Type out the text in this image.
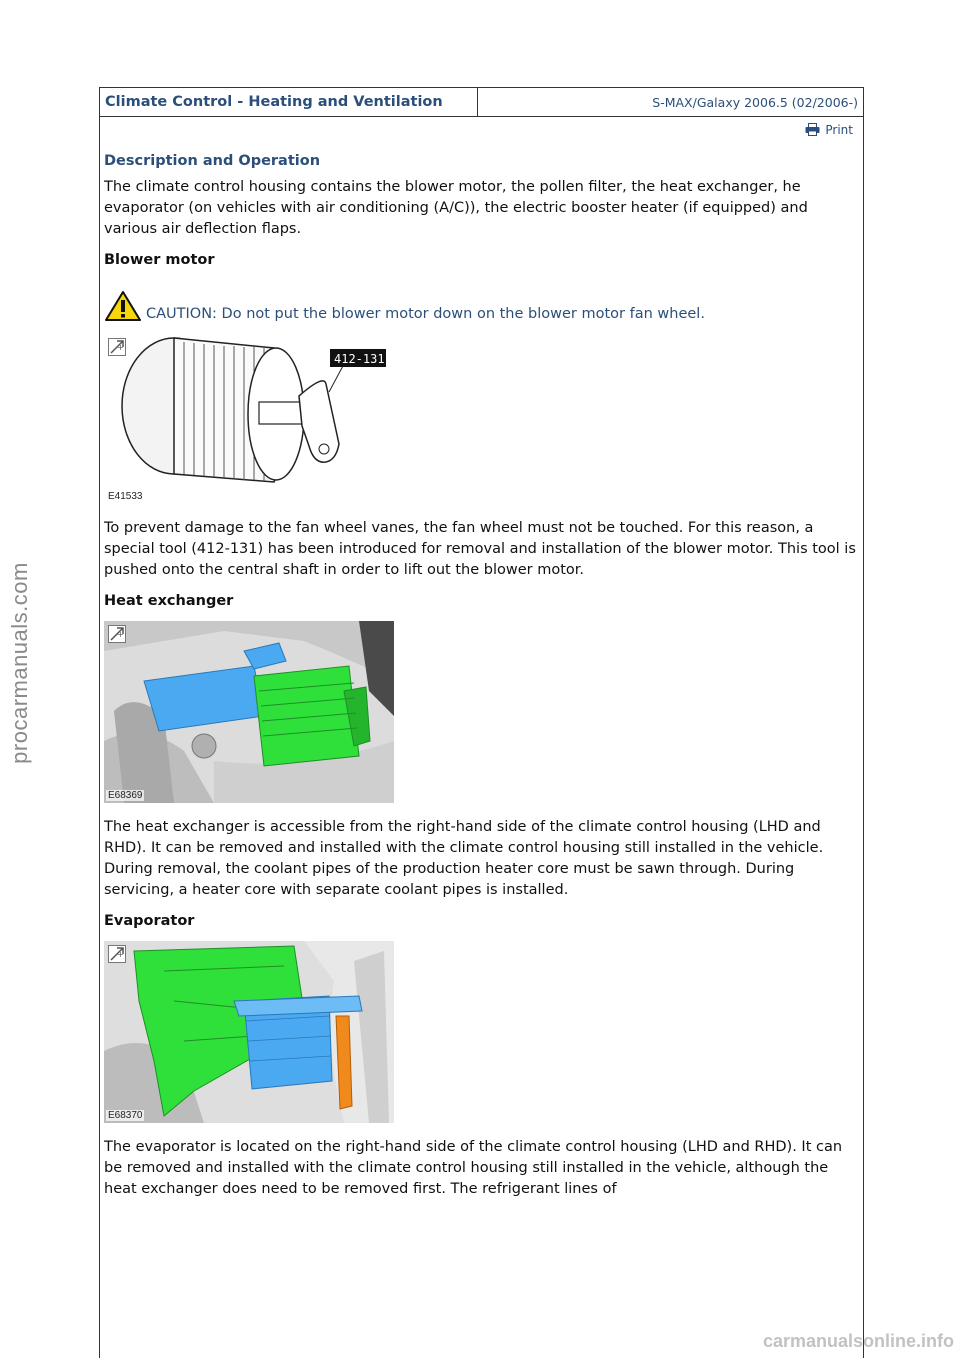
procarmanuals.com
carmanualsonline.info
Climate Control - Heating and Ventilation	S-MAX/Galaxy 2006.5 (02/2006-)
Print
Description and Operation

The climate control housing contains the blower motor, the pollen filter, the heat exchanger, he evaporator (on vehicles with air conditioning (A/C)), the electric booster heater (if equipped) and various air deflection flaps.

Blower motor
CAUTION: Do not put the blower motor down on the blower motor fan wheel.
+
412-131
E41533

To prevent damage to the fan wheel vanes, the fan wheel must not be touched. For this reason, a special tool (412-131) has been introduced for removal and installation of the blower motor. This tool is pushed onto the central shaft in order to lift out the blower motor.

Heat exchanger
+
E68369

The heat exchanger is accessible from the right-hand side of the climate control housing (LHD and RHD). It can be removed and installed with the climate control housing still installed in the vehicle. During removal, the coolant pipes of the production heater core must be sawn through. During servicing, a heater core with separate coolant pipes is installed.

Evaporator
+
E68370

The evaporator is located on the right-hand side of the climate control housing (LHD and RHD). It can be removed and installed with the climate control housing still installed in the vehicle, although the heat exchanger does need to be removed first. The refrigerant lines of
